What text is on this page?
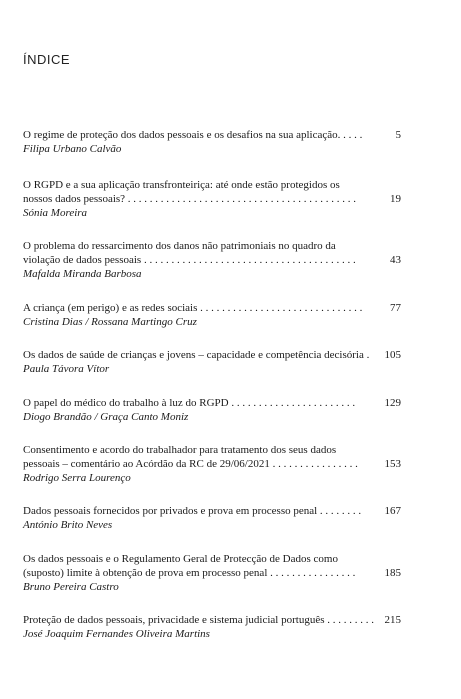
ÍNDICE
O regime de proteção dos dados pessoais e os desafios na sua aplicação. . . . .	5
Filipa Urbano Calvão
O RGPD e a sua aplicação transfronteiriça: até onde estão protegidos os
nossos dados pessoais? . . . . . . . . . . . . . . . . . . . . . . . . . . . . . . . . . . . . . . . . . .	19
Sónia Moreira
O problema do ressarcimento dos danos não patrimoniais no quadro da
violação de dados pessoais . . . . . . . . . . . . . . . . . . . . . . . . . . . . . . . . . . . . . . .	43
Mafalda Miranda Barbosa
A criança (em perigo) e as redes sociais . . . . . . . . . . . . . . . . . . . . . . . . . . . . . .	77
Cristina Dias / Rossana Martingo Cruz
Os dados de saúde de crianças e jovens – capacidade e competência decisória .	105
Paula Távora Vítor
O papel do médico do trabalho à luz do RGPD . . . . . . . . . . . . . . . . . . . . . . .	129
Diogo Brandão / Graça Canto Moniz
Consentimento e acordo do trabalhador para tratamento dos seus dados
pessoais – comentário ao Acórdão da RC de 29/06/2021 . . . . . . . . . . . . . . . .	153
Rodrigo Serra Lourenço
Dados pessoais fornecidos por privados e prova em processo penal . . . . . . . .	167
António Brito Neves
Os dados pessoais e o Regulamento Geral de Protecção de Dados como
(suposto) limite à obtenção de prova em processo penal . . . . . . . . . . . . . . . .	185
Bruno Pereira Castro
Proteção de dados pessoais, privacidade e sistema judicial português . . . . . . . . . 215
José Joaquim Fernandes Oliveira Martins
